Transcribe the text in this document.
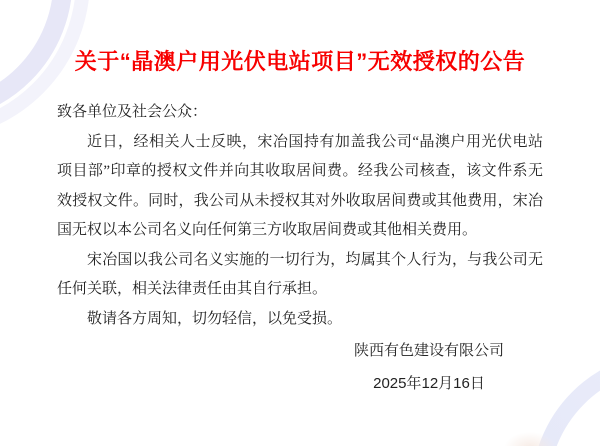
关于“晶澳户用光伏电站项目”无效授权的公告

致各单位及社会公众：

近日，经相关人士反映，宋冶国持有加盖我公司“晶澳户用光伏电站项目部”印章的授权文件并向其收取居间费。经我公司核查，该文件系无效授权文件。同时，我公司从未授权其对外收取居间费或其他费用，宋冶国无权以本公司名义向任何第三方收取居间费或其他相关费用。

宋冶国以我公司名义实施的一切行为，均属其个人行为，与我公司无任何关联，相关法律责任由其自行承担。

敬请各方周知，切勿轻信，以免受损。

陕西有色建设有限公司
2025年12月16日
